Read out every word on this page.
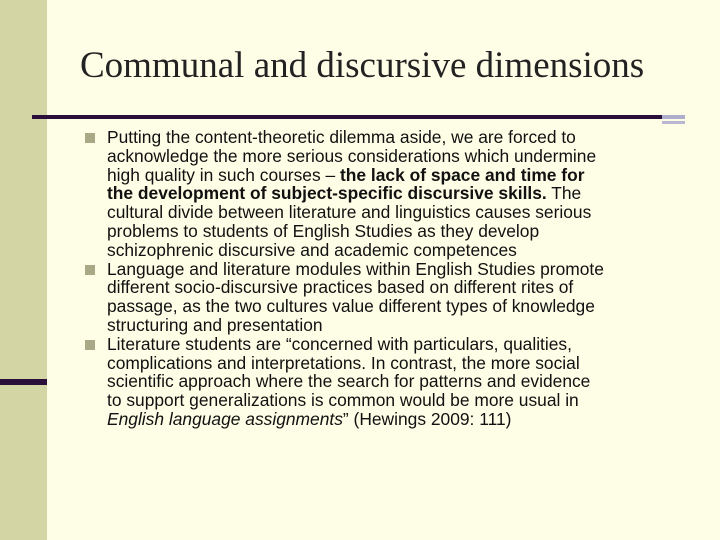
Communal and discursive dimensions
Putting the content-theoretic dilemma aside, we are forced to
acknowledge the more serious considerations which undermine
high quality in such courses – the lack of space and time for
the development of subject-specific discursive skills. The
cultural divide between literature and linguistics causes serious
problems to students of English Studies as they develop
schizophrenic discursive and academic competences
Language and literature modules within English Studies promote
different socio-discursive practices based on different rites of
passage, as the two cultures value different types of knowledge
structuring and presentation
Literature students are “concerned with particulars, qualities,
complications and interpretations. In contrast, the more social
scientific approach where the search for patterns and evidence
to support generalizations is common would be more usual in
English language assignments” (Hewings 2009: 111)
